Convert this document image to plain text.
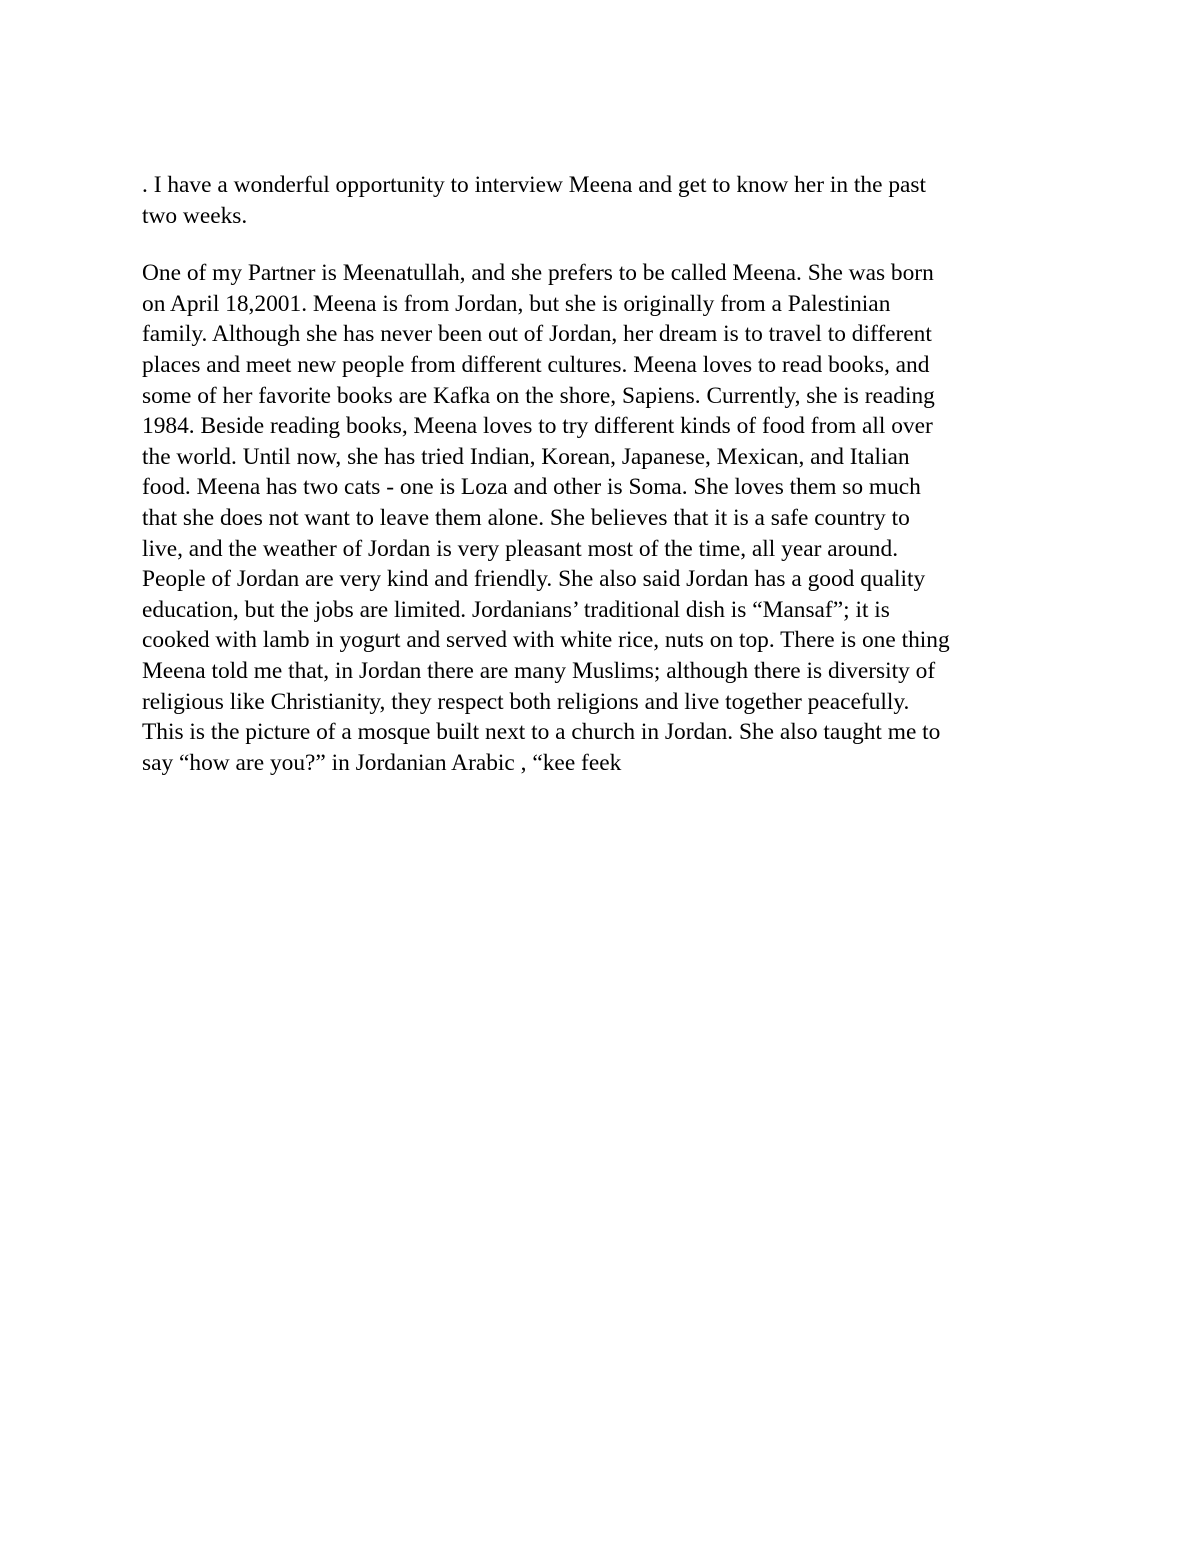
. I have a wonderful opportunity to interview Meena and get to know her in the past
two weeks.

One of my Partner is Meenatullah, and she prefers to be called Meena. She was born
on April 18,2001. Meena is from Jordan, but she is originally from a Palestinian
family. Although she has never been out of Jordan, her dream is to travel to different
places and meet new people from different cultures. Meena loves to read books, and
some of her favorite books are Kafka on the shore, Sapiens. Currently, she is reading
1984. Beside reading books, Meena loves to try different kinds of food from all over
the world. Until now, she has tried Indian, Korean, Japanese, Mexican, and Italian
food. Meena has two cats - one is Loza and other is Soma. She loves them so much
that she does not want to leave them alone. She believes that it is a safe country to
live, and the weather of Jordan is very pleasant most of the time, all year around.
People of Jordan are very kind and friendly. She also said Jordan has a good quality
education, but the jobs are limited. Jordanians’ traditional dish is “Mansaf”; it is
cooked with lamb in yogurt and served with white rice, nuts on top. There is one thing
Meena told me that, in Jordan there are many Muslims; although there is diversity of
religious like Christianity, they respect both religions and live together peacefully.
This is the picture of a mosque built next to a church in Jordan. She also taught me to
say “how are you?” in Jordanian Arabic , “kee feek
